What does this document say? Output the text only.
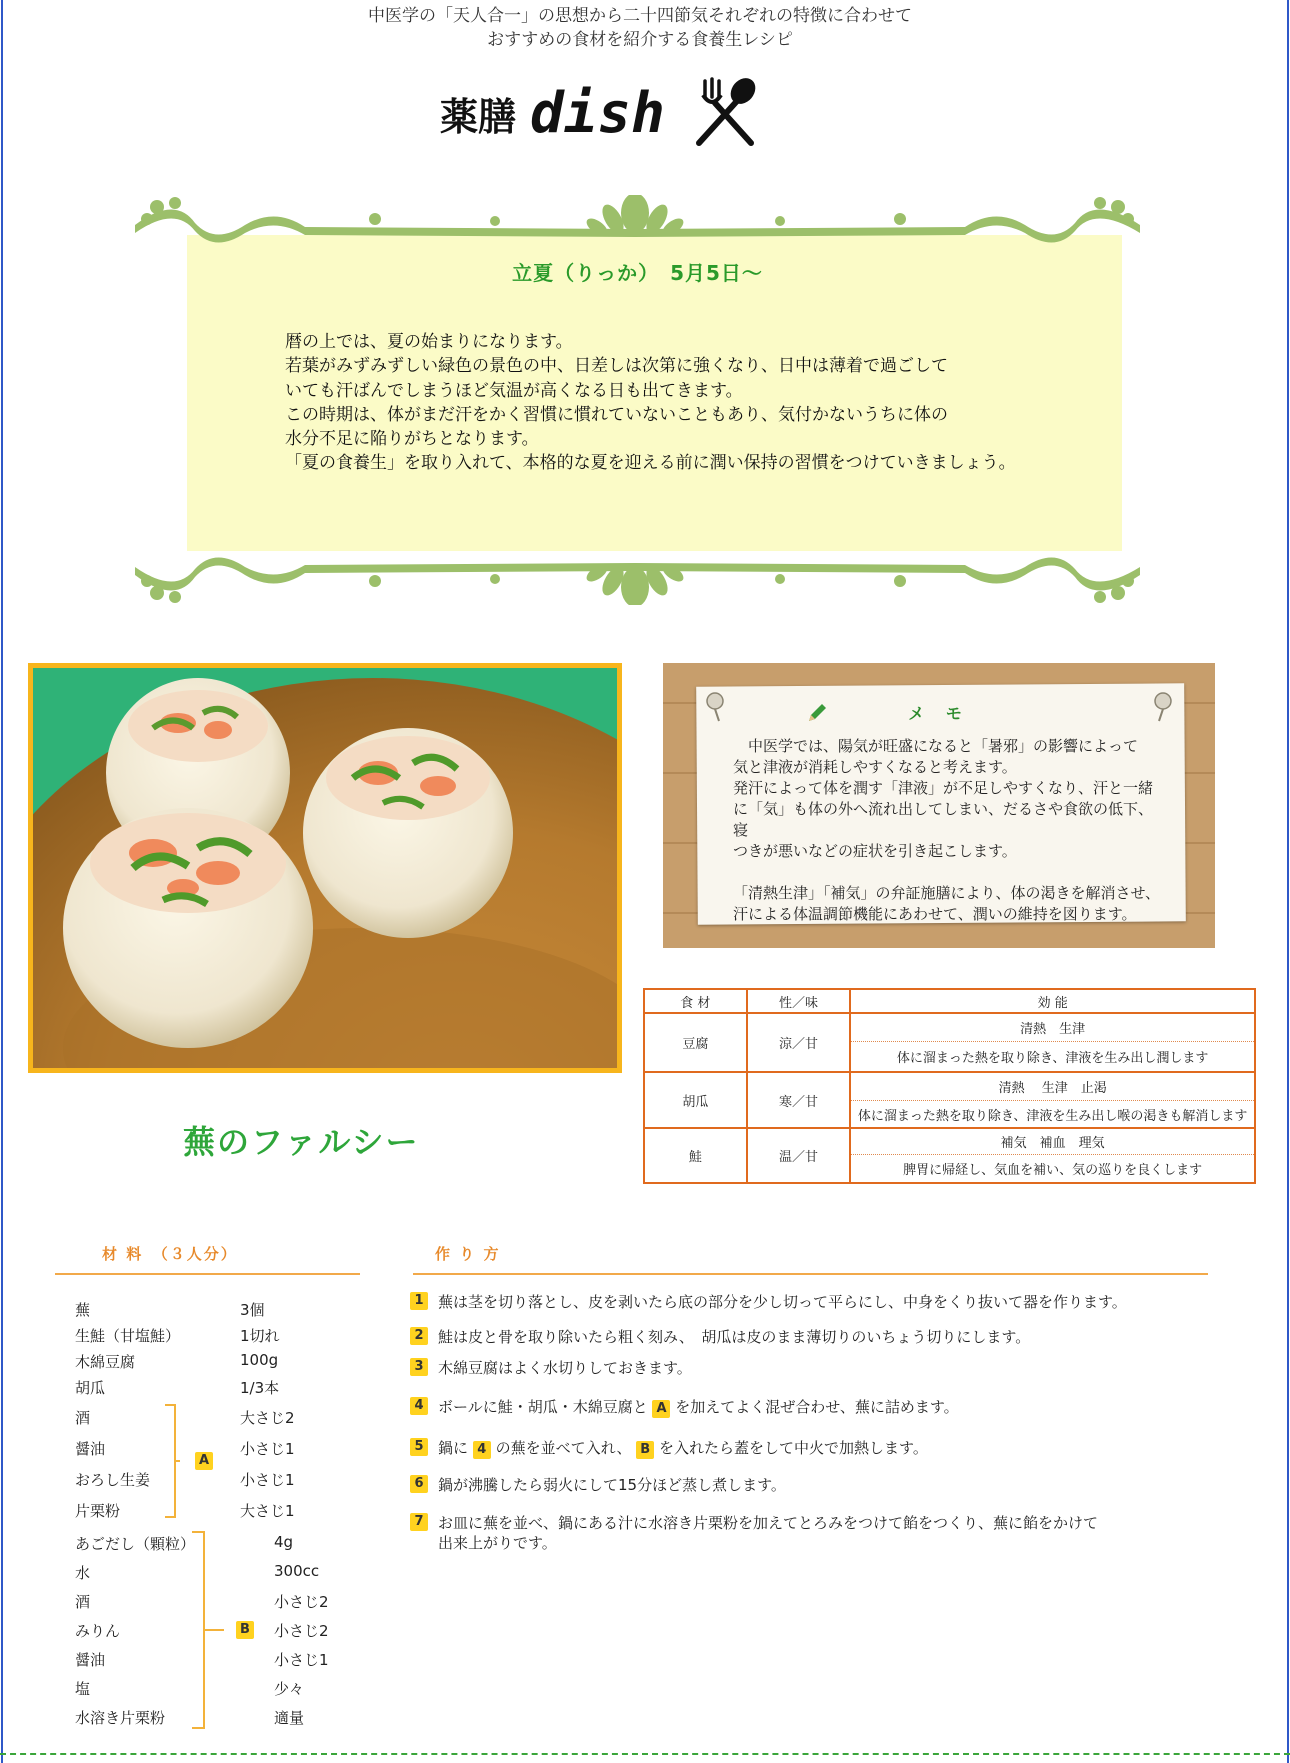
中医学の「天人合一」の思想から二十四節気それぞれの特徴に合わせて
おすすめの食材を紹介する食養生レシピ
薬膳 dish
立夏（りっか）　5月5日～

暦の上では、夏の始まりになります。

若葉がみずみずしい緑色の景色の中、日差しは次第に強くなり、日中は薄着で過ごして

いても汗ばんでしまうほど気温が高くなる日も出てきます。

この時期は、体がまだ汗をかく習慣に慣れていないこともあり、気付かないうちに体の

水分不足に陥りがちとなります。

「夏の食養生」を取り入れて、本格的な夏を迎える前に潤い保持の習慣をつけていきましょう。

メ モ

　中医学では、陽気が旺盛になると「暑邪」の影響によって

気と津液が消耗しやすくなると考えます。

発汗によって体を潤す「津液」が不足しやすくなり、汗と一緒

に「気」も体の外へ流れ出してしまい、だるさや食欲の低下、寝

つきが悪いなどの症状を引き起こします。

「清熱生津」「補気」の弁証施膳により、体の渇きを解消させ、

汗による体温調節機能にあわせて、潤いの維持を図ります。

食 材	性／味	効 能
豆腐	涼／甘	清熱　生津
		体に溜まった熱を取り除き、津液を生み出し潤します
胡瓜	寒／甘	清熱　 生津　止渇
		体に溜まった熱を取り除き、津液を生み出し喉の渇きも解消します
鮭	温／甘	補気　補血　理気
		脾胃に帰経し、気血を補い、気の巡りを良くします
蕪のファルシー
材 料　（３人分）	作 り 方
蕪	3個
生鮭（甘塩鮭）	1切れ
木綿豆腐	100g
胡瓜	1/3本
酒	大さじ2
醤油	小さじ1
おろし生姜	小さじ1
片栗粉	大さじ1
A
あごだし（顆粒）	4g
水	300cc
酒	小さじ2
みりん	小さじ2
醤油	小さじ1
塩	少々
水溶き片栗粉	適量
B
1 蕪は茎を切り落とし、皮を剥いたら底の部分を少し切って平らにし、中身をくり抜いて器を作ります。
2 鮭は皮と骨を取り除いたら粗く刻み、　胡瓜は皮のまま薄切りのいちょう切りにします。
3 木綿豆腐はよく水切りしておきます。
4 ボールに鮭・胡瓜・木綿豆腐と A を加えてよく混ぜ合わせ、蕪に詰めます。
5 鍋に 4 の蕪を並べて入れ、 B を入れたら蓋をして中火で加熱します。
6 鍋が沸騰したら弱火にして15分ほど蒸し煮します。
7 お皿に蕪を並べ、鍋にある汁に水溶き片栗粉を加えてとろみをつけて餡をつくり、蕪に餡をかけて
出来上がりです。
